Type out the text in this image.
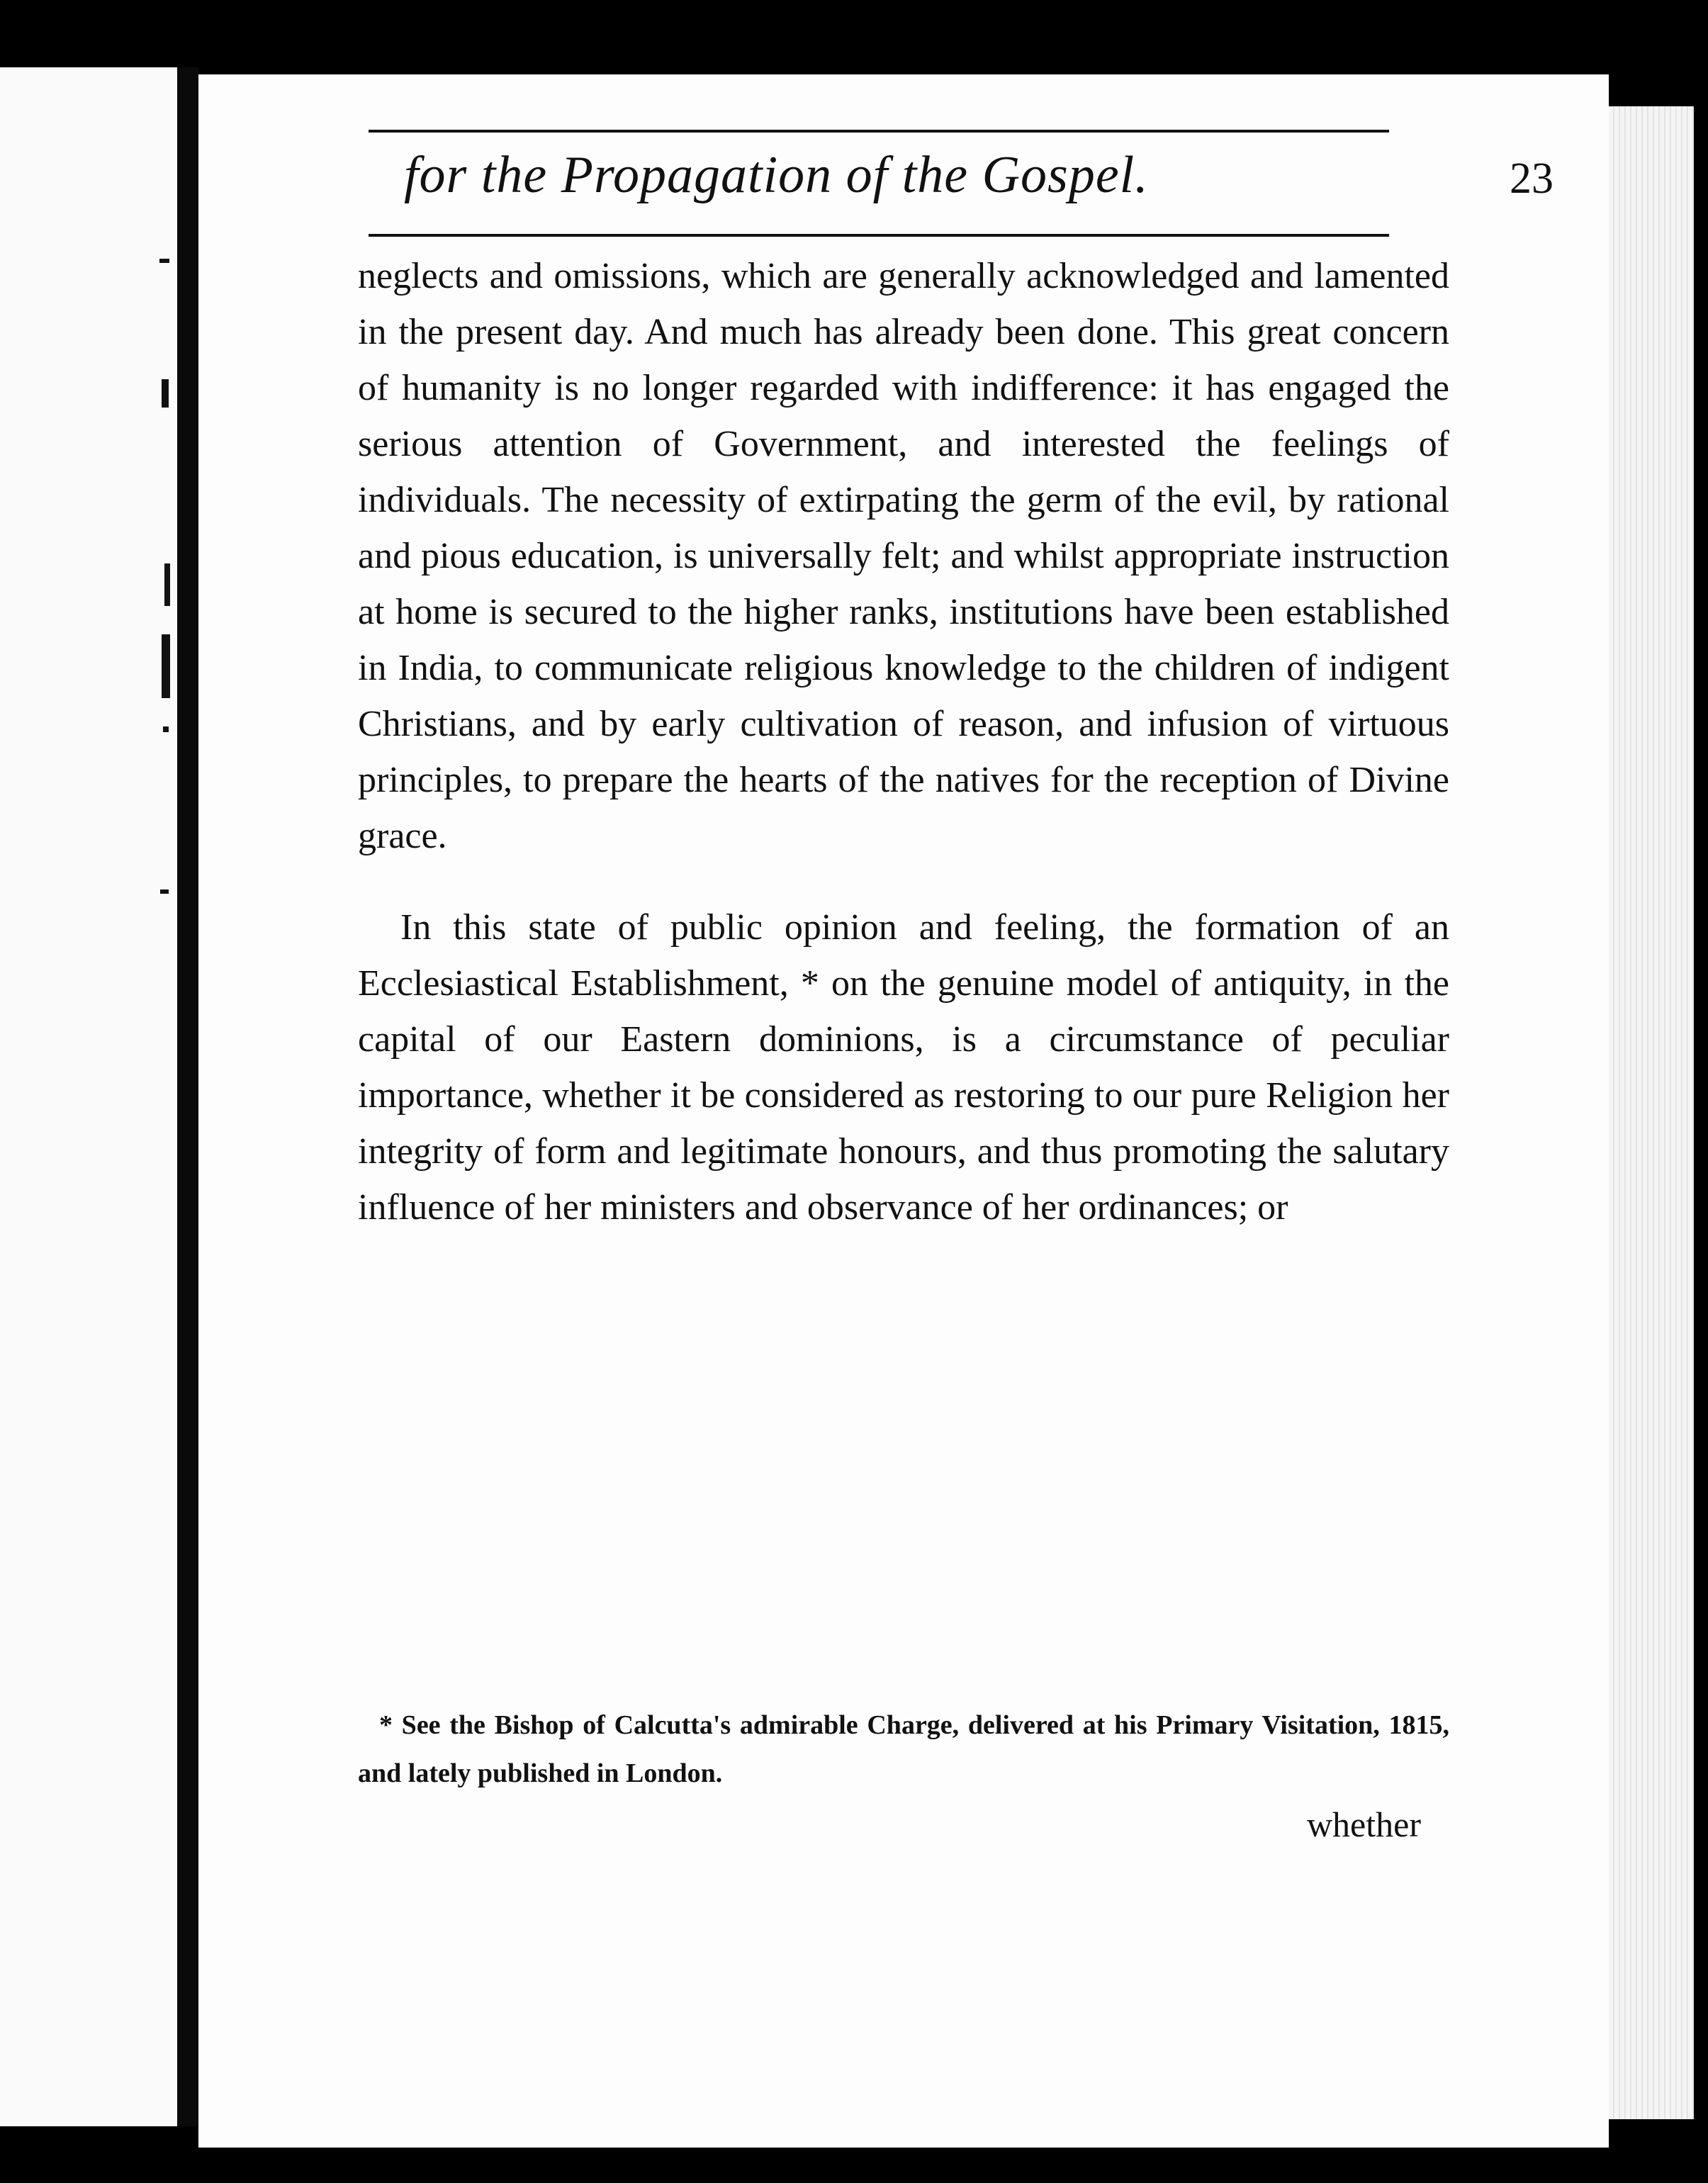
for the Propagation of the Gospel.	23

neglects and omissions, which are generally acknowledged and lamented in the present day. And much has already been done. This great concern of humanity is no longer regarded with indifference: it has engaged the serious attention of Government, and interested the feelings of individuals. The necessity of extirpating the germ of the evil, by rational and pious education, is universally felt; and whilst appropriate instruction at home is secured to the higher ranks, institutions have been established in India, to communicate religious knowledge to the children of indigent Christians, and by early cultivation of reason, and infusion of virtuous principles, to prepare the hearts of the natives for the reception of Divine grace.

In this state of public opinion and feeling, the formation of an Ecclesiastical Establishment, * on the genuine model of antiquity, in the capital of our Eastern dominions, is a circumstance of peculiar importance, whether it be considered as restoring to our pure Religion her integrity of form and legitimate honours, and thus promoting the salutary influence of her ministers and observance of her ordinances; or

* See the Bishop of Calcutta's admirable Charge, delivered at his Primary Visitation, 1815, and lately published in London.
whether
